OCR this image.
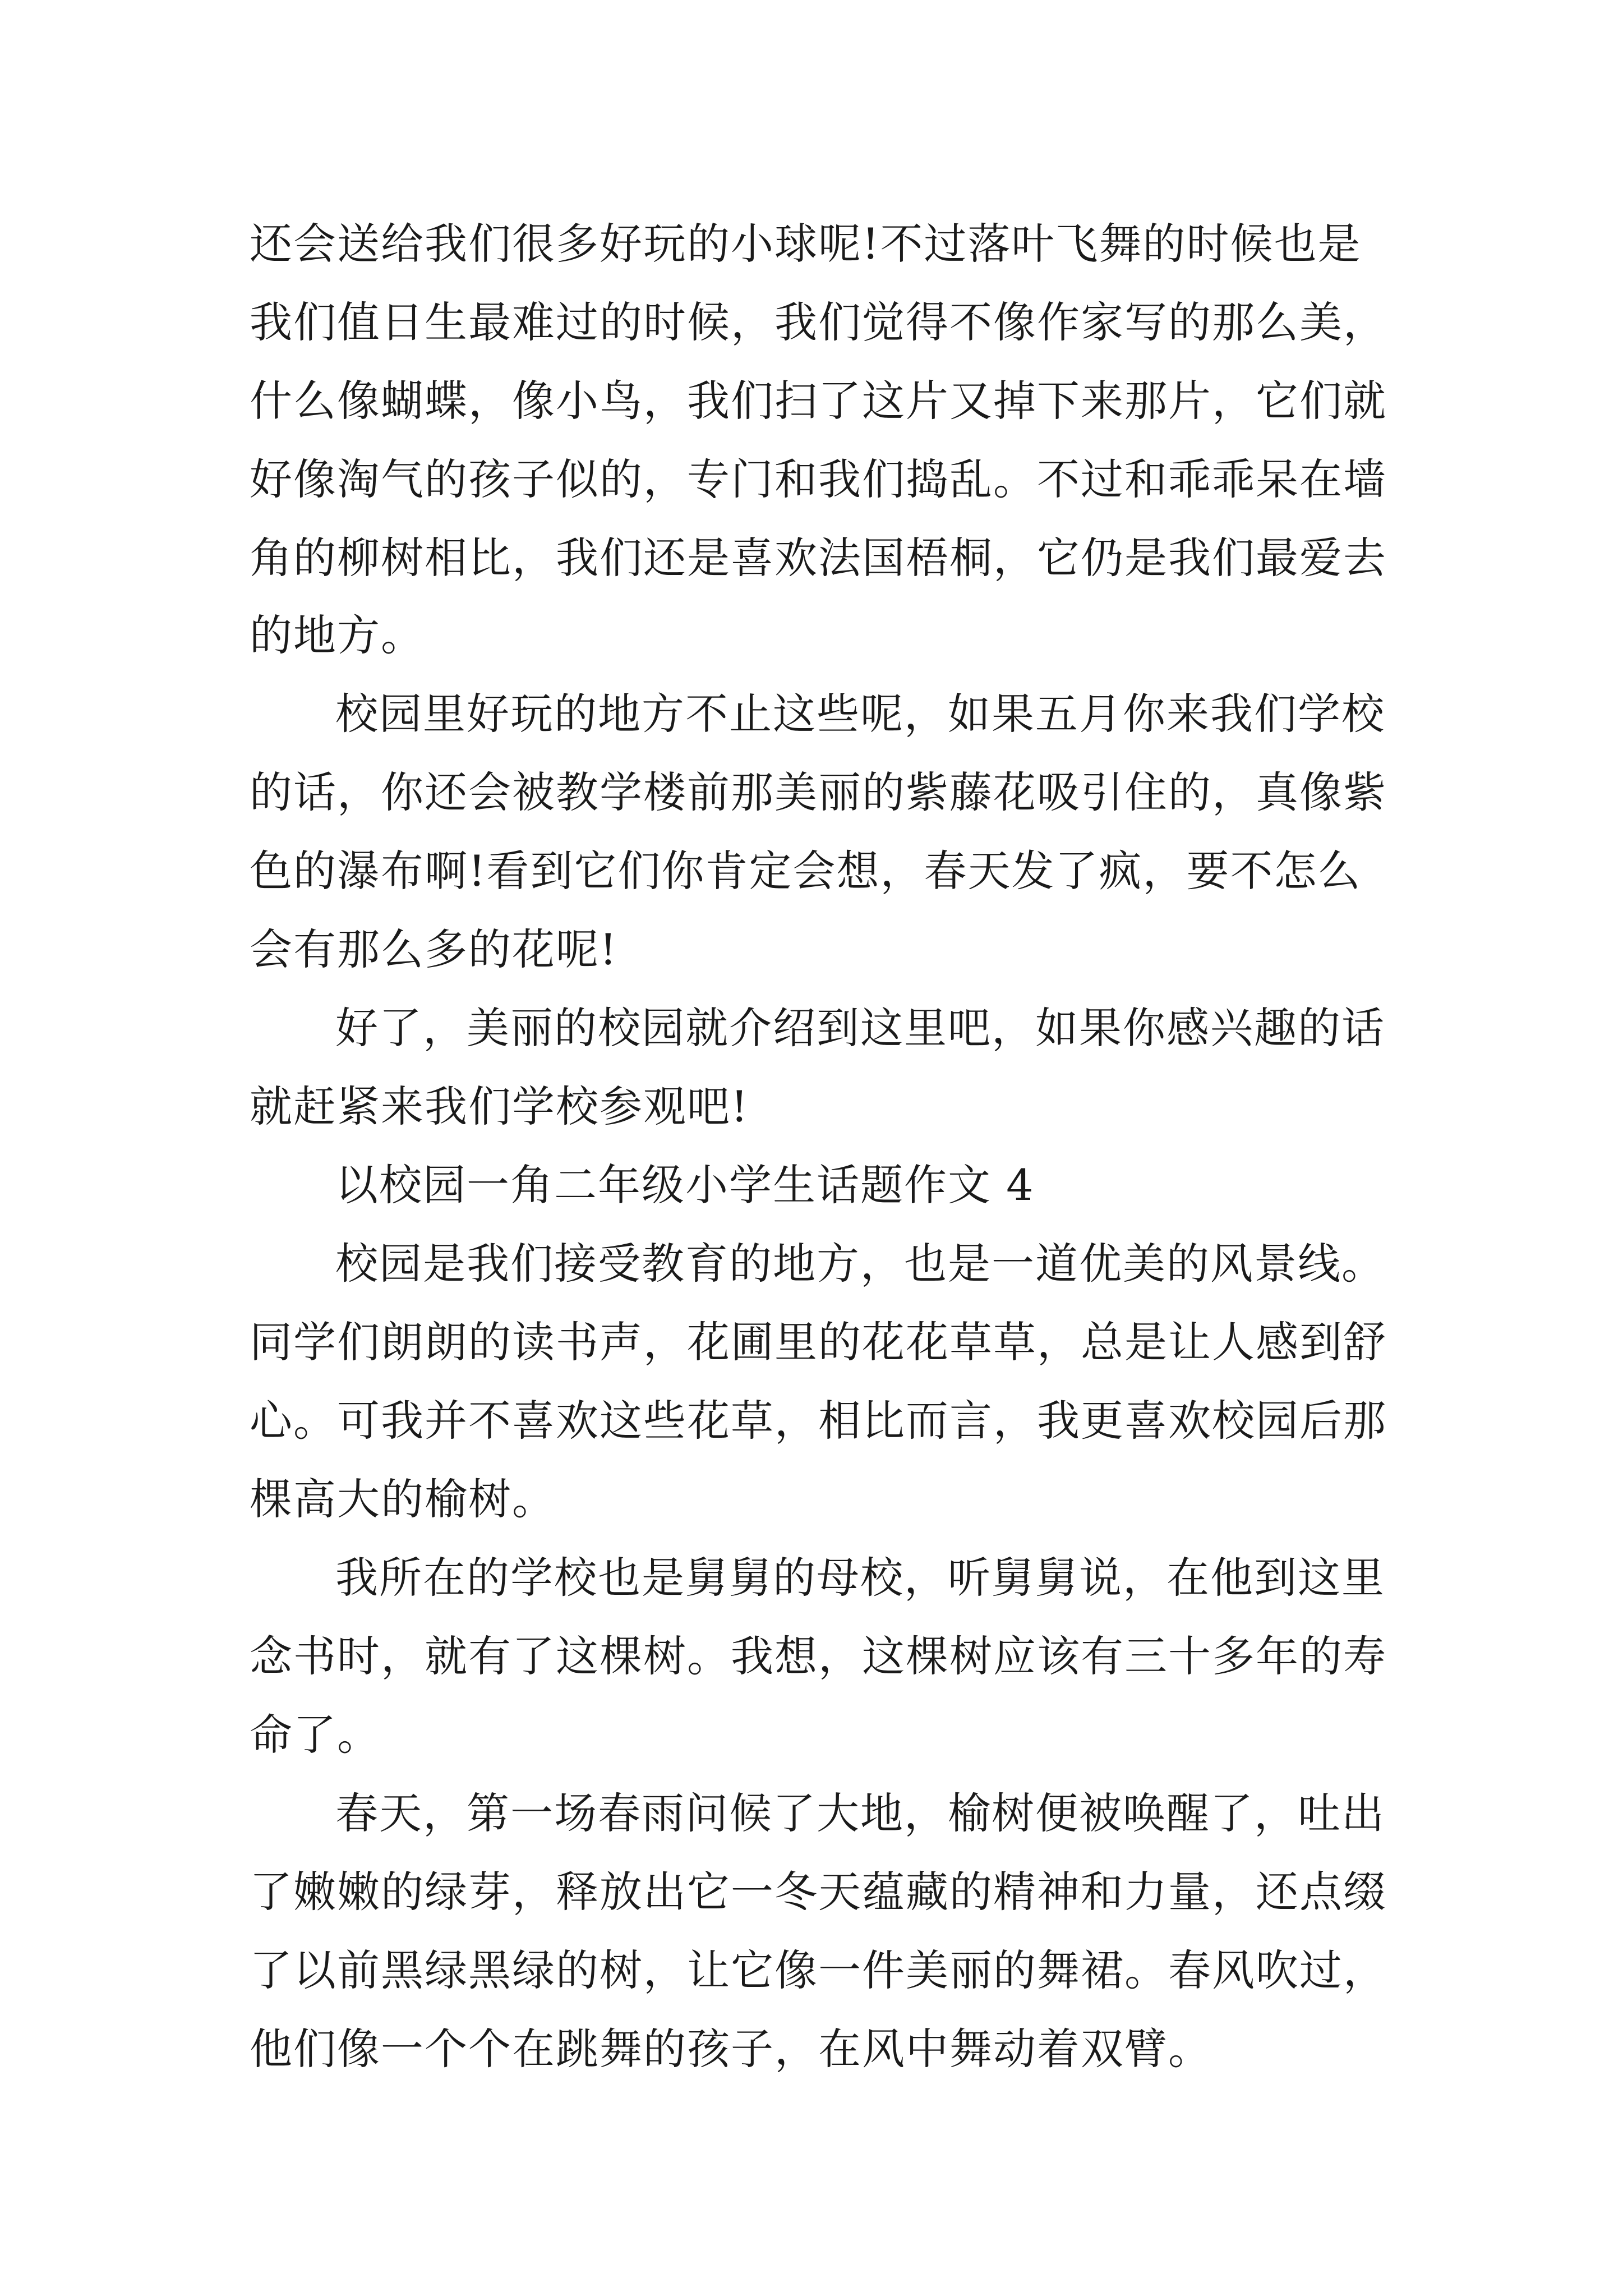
还会送给我们很多好玩的小球呢!不过落叶飞舞的时候也是

我们值日生最难过的时候，我们觉得不像作家写的那么美，

什么像蝴蝶，像小鸟，我们扫了这片又掉下来那片，它们就

好像淘气的孩子似的，专门和我们捣乱。不过和乖乖呆在墙

角的柳树相比，我们还是喜欢法国梧桐，它仍是我们最爱去

的地方。

校园里好玩的地方不止这些呢，如果五月你来我们学校

的话，你还会被教学楼前那美丽的紫藤花吸引住的，真像紫

色的瀑布啊!看到它们你肯定会想，春天发了疯，要不怎么

会有那么多的花呢!

好了，美丽的校园就介绍到这里吧，如果你感兴趣的话

就赶紧来我们学校参观吧!

以校园一角二年级小学生话题作文 4

校园是我们接受教育的地方，也是一道优美的风景线。

同学们朗朗的读书声，花圃里的花花草草，总是让人感到舒

心。可我并不喜欢这些花草，相比而言，我更喜欢校园后那

棵高大的榆树。

我所在的学校也是舅舅的母校，听舅舅说，在他到这里

念书时，就有了这棵树。我想，这棵树应该有三十多年的寿

命了。

春天，第一场春雨问候了大地，榆树便被唤醒了，吐出

了嫩嫩的绿芽，释放出它一冬天蕴藏的精神和力量，还点缀

了以前黑绿黑绿的树，让它像一件美丽的舞裙。春风吹过，

他们像一个个在跳舞的孩子，在风中舞动着双臂。
